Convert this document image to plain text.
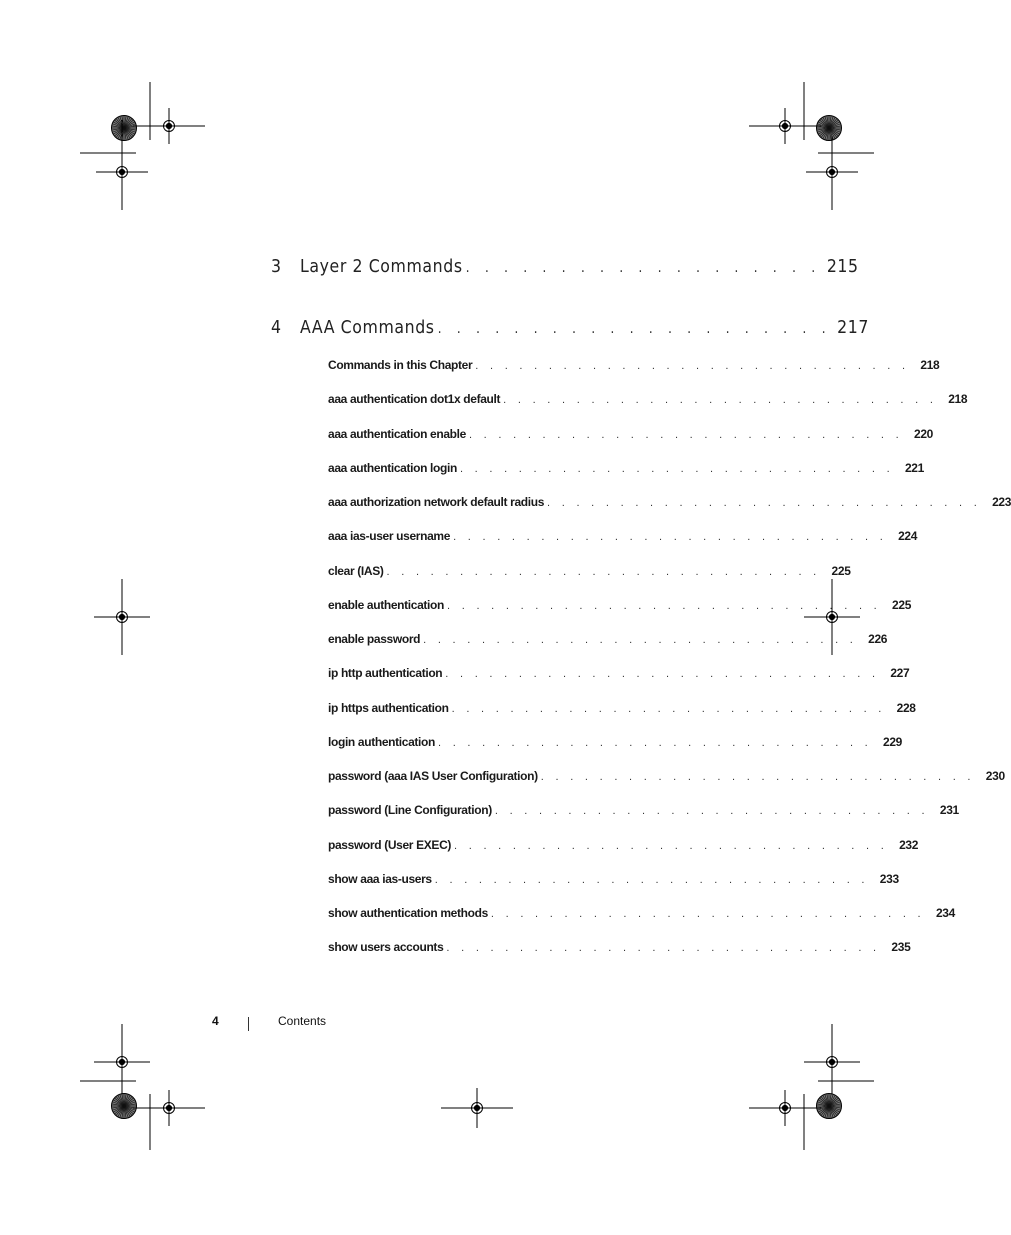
3	Layer 2 Commands . . . . . . . . . . . . . . . . . . . 215
4	AAA Commands . . . . . . . . . . . . . . . . . . . . . 217
Commands in this Chapter . . . . . . . . . . . . . . . . . . . . . . . . . . . . . . 218
aaa authentication dot1x default . . . . . . . . . . . . . . . . . . . . . . . . . . . . . . 218
aaa authentication enable . . . . . . . . . . . . . . . . . . . . . . . . . . . . . . 220
aaa authentication login . . . . . . . . . . . . . . . . . . . . . . . . . . . . . . 221
aaa authorization network default radius . . . . . . . . . . . . . . . . . . . . . . . . . . . . . . 223
aaa ias-user username . . . . . . . . . . . . . . . . . . . . . . . . . . . . . . 224
clear (IAS) . . . . . . . . . . . . . . . . . . . . . . . . . . . . . . 225
enable authentication . . . . . . . . . . . . . . . . . . . . . . . . . . . . . . 225
enable password . . . . . . . . . . . . . . . . . . . . . . . . . . . . . . 226
ip http authentication . . . . . . . . . . . . . . . . . . . . . . . . . . . . . . 227
ip https authentication . . . . . . . . . . . . . . . . . . . . . . . . . . . . . . 228
login authentication . . . . . . . . . . . . . . . . . . . . . . . . . . . . . . 229
password (aaa IAS User Configuration) . . . . . . . . . . . . . . . . . . . . . . . . . . . . . . 230
password (Line Configuration) . . . . . . . . . . . . . . . . . . . . . . . . . . . . . . 231
password (User EXEC) . . . . . . . . . . . . . . . . . . . . . . . . . . . . . . 232
show aaa ias-users . . . . . . . . . . . . . . . . . . . . . . . . . . . . . . 233
show authentication methods . . . . . . . . . . . . . . . . . . . . . . . . . . . . . . 234
show users accounts . . . . . . . . . . . . . . . . . . . . . . . . . . . . . . 235
4	Contents
